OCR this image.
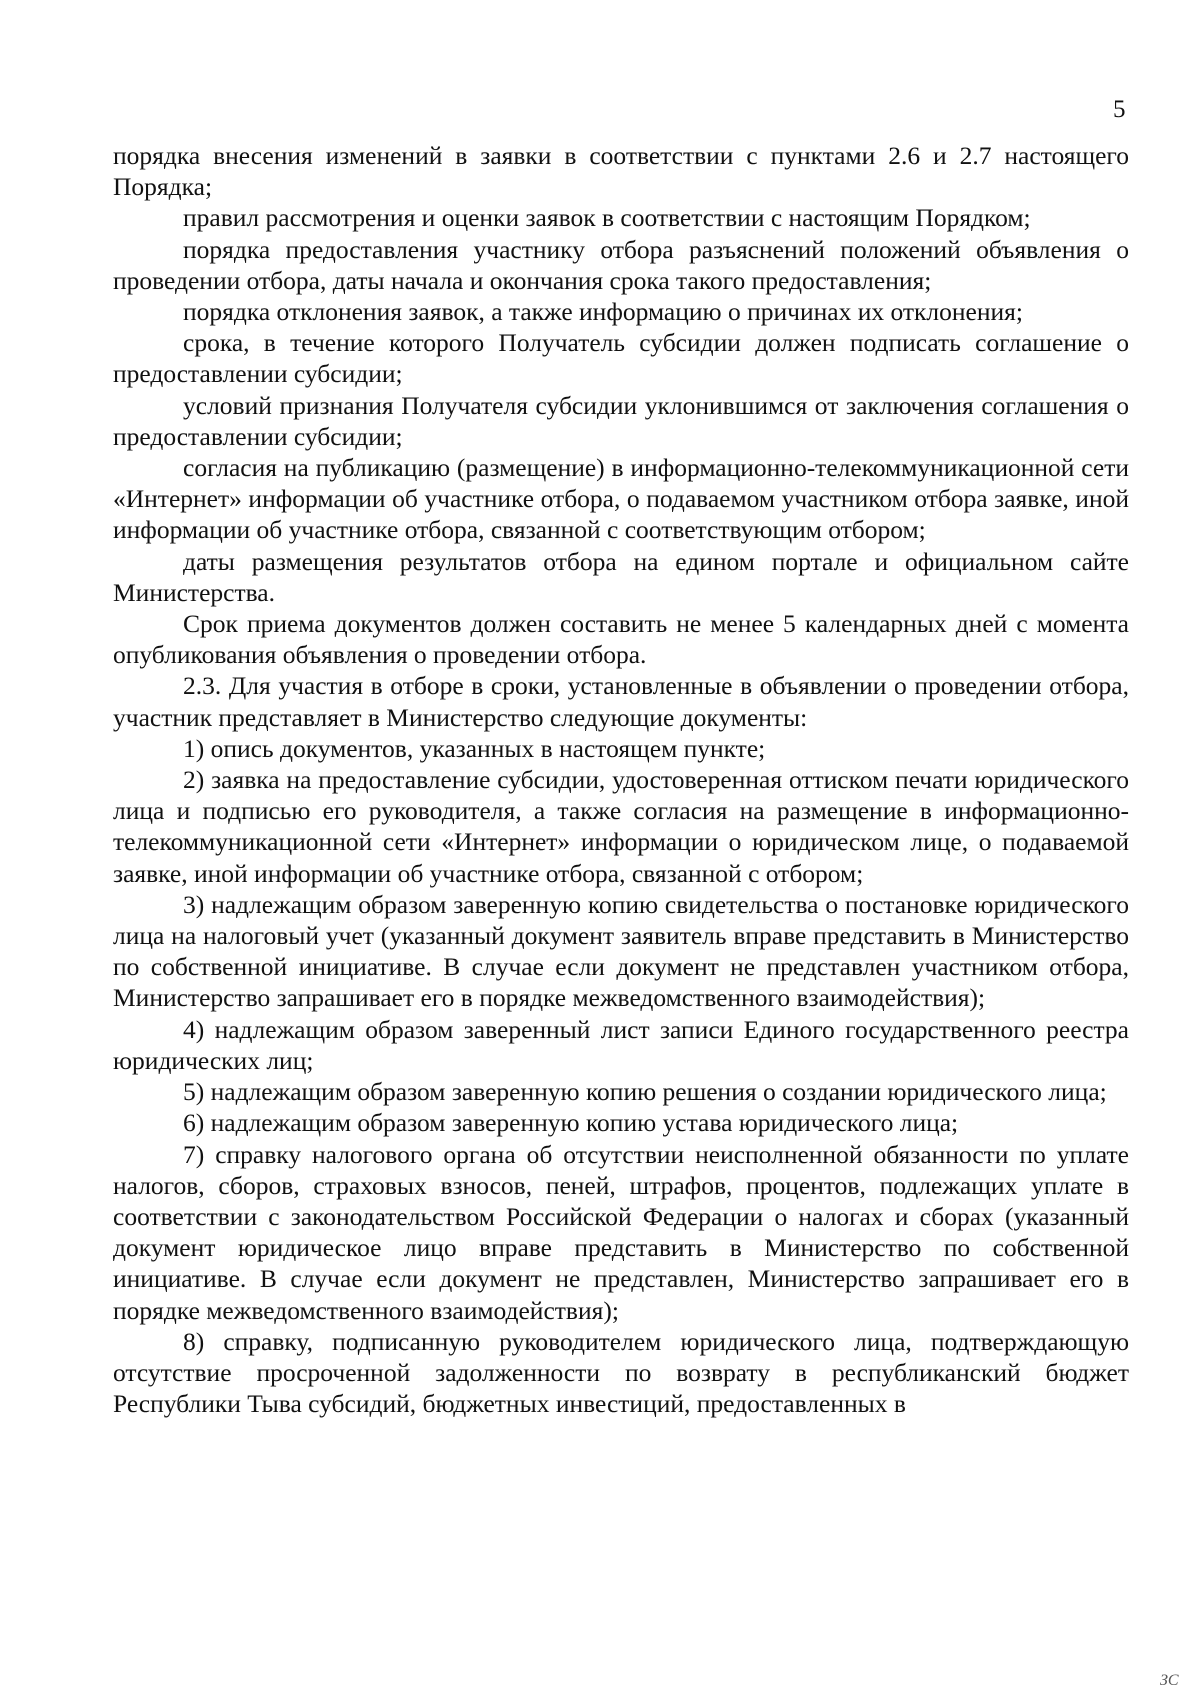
5

порядка внесения изменений в заявки в соответствии с пунктами 2.6 и 2.7 настоящего Порядка;

правил рассмотрения и оценки заявок в соответствии с настоящим Порядком;

порядка предоставления участнику отбора разъяснений положений объявления о проведении отбора, даты начала и окончания срока такого предоставления;

порядка отклонения заявок, а также информацию о причинах их отклонения;

срока, в течение которого Получатель субсидии должен подписать соглашение о предоставлении субсидии;

условий признания Получателя субсидии уклонившимся от заключения соглашения о предоставлении субсидии;

согласия на публикацию (размещение) в информационно-телекоммуникационной сети «Интернет» информации об участнике отбора, о подаваемом участником отбора заявке, иной информации об участнике отбора, связанной с соответствующим отбором;

даты размещения результатов отбора на едином портале и официальном сайте Министерства.

Срок приема документов должен составить не менее 5 календарных дней с момента опубликования объявления о проведении отбора.

2.3. Для участия в отборе в сроки, установленные в объявлении о проведении отбора, участник представляет в Министерство следующие документы:

1) опись документов, указанных в настоящем пункте;

2) заявка на предоставление субсидии, удостоверенная оттиском печати юридического лица и подписью его руководителя, а также согласия на размещение в информационно-телекоммуникационной сети «Интернет» информации о юридическом лице, о подаваемой заявке, иной информации об участнике отбора, связанной с отбором;

3) надлежащим образом заверенную копию свидетельства о постановке юридического лица на налоговый учет (указанный документ заявитель вправе представить в Министерство по собственной инициативе. В случае если документ не представлен участником отбора, Министерство запрашивает его в порядке межведомственного взаимодействия);

4) надлежащим образом заверенный лист записи Единого государственного реестра юридических лиц;

5) надлежащим образом заверенную копию решения о создании юридического лица;

6) надлежащим образом заверенную копию устава юридического лица;

7) справку налогового органа об отсутствии неисполненной обязанности по уплате налогов, сборов, страховых взносов, пеней, штрафов, процентов, подлежащих уплате в соответствии с законодательством Российской Федерации о налогах и сборах (указанный документ юридическое лицо вправе представить в Министерство по собственной инициативе. В случае если документ не представлен, Министерство запрашивает его в порядке межведомственного взаимодействия);

8) справку, подписанную руководителем юридического лица, подтверждающую отсутствие просроченной задолженности по возврату в республиканский бюджет Республики Тыва субсидий, бюджетных инвестиций, предоставленных в

ЗС
